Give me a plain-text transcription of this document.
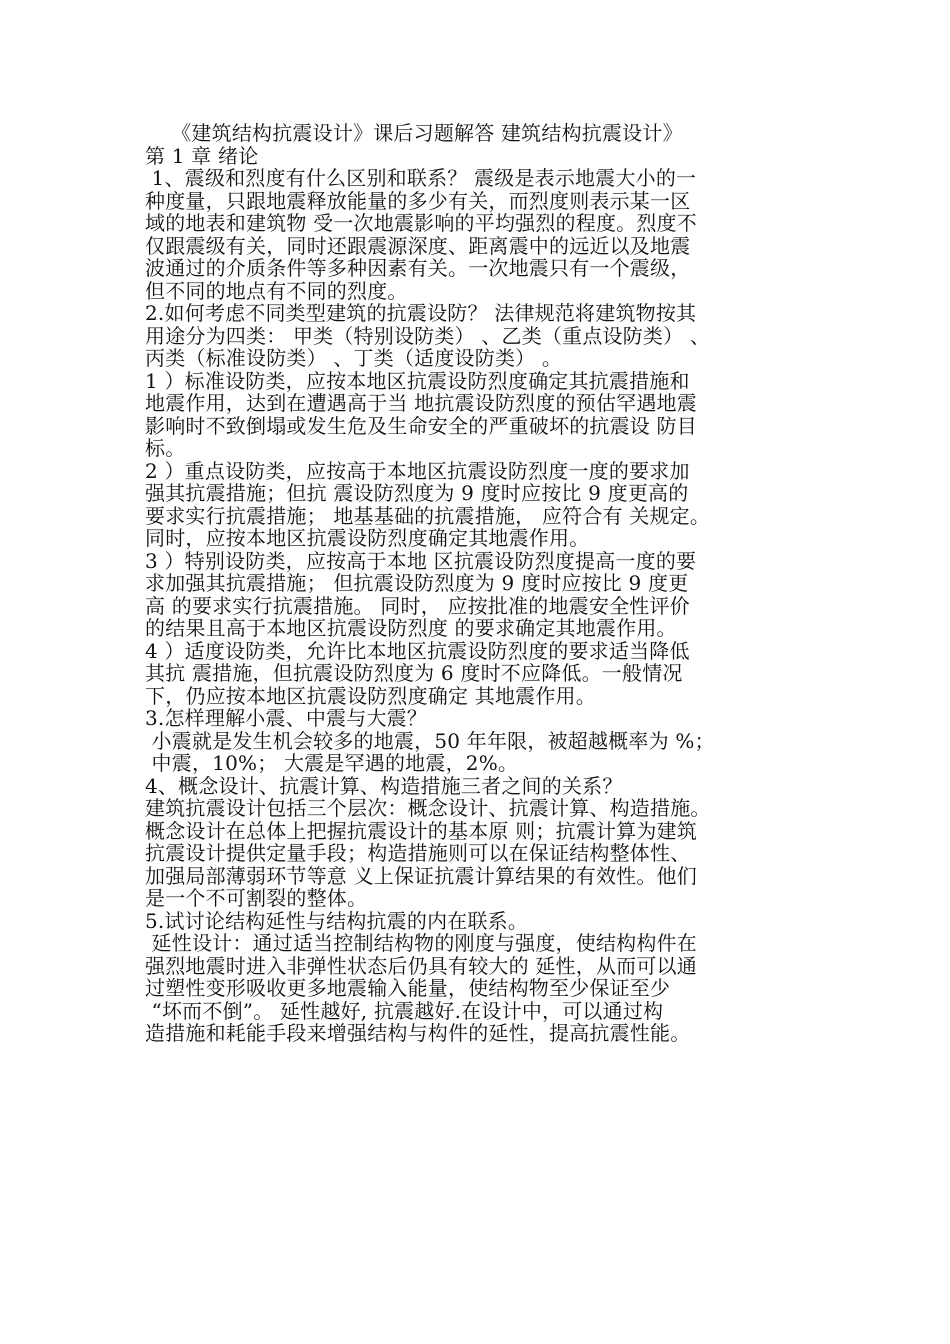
《建筑结构抗震设计》课后习题解答 建筑结构抗震设计》
第 1 章 绪论
1、震级和烈度有什么区别和联系？ 震级是表示地震大小的一
种度量，只跟地震释放能量的多少有关，而烈度则表示某一区
域的地表和建筑物 受一次地震影响的平均强烈的程度。烈度不
仅跟震级有关，同时还跟震源深度、距离震中的远近以及地震
波通过的介质条件等多种因素有关。一次地震只有一个震级，
但不同的地点有不同的烈度。
2.如何考虑不同类型建筑的抗震设防？ 法律规范将建筑物按其
用途分为四类： 甲类（特别设防类） 、乙类（重点设防类） 、
丙类（标准设防类） 、丁类（适度设防类） 。
1 ）标准设防类，应按本地区抗震设防烈度确定其抗震措施和
地震作用，达到在遭遇高于当 地抗震设防烈度的预估罕遇地震
影响时不致倒塌或发生危及生命安全的严重破坏的抗震设 防目
标。
2 ）重点设防类，应按高于本地区抗震设防烈度一度的要求加
强其抗震措施；但抗 震设防烈度为 9 度时应按比 9 度更高的
要求实行抗震措施； 地基基础的抗震措施， 应符合有 关规定。
同时，应按本地区抗震设防烈度确定其地震作用。
3 ）特别设防类，应按高于本地 区抗震设防烈度提高一度的要
求加强其抗震措施； 但抗震设防烈度为 9 度时应按比 9 度更
高 的要求实行抗震措施。 同时， 应按批准的地震安全性评价
的结果且高于本地区抗震设防烈度 的要求确定其地震作用。
4 ）适度设防类，允许比本地区抗震设防烈度的要求适当降低
其抗 震措施，但抗震设防烈度为 6 度时不应降低。一般情况
下，仍应按本地区抗震设防烈度确定 其地震作用。
3.怎样理解小震、中震与大震？
小震就是发生机会较多的地震，50 年年限，被超越概率为 %；
中震，10%； 大震是罕遇的地震，2%。
4、概念设计、抗震计算、构造措施三者之间的关系？
建筑抗震设计包括三个层次：概念设计、抗震计算、构造措施。
概念设计在总体上把握抗震设计的基本原 则；抗震计算为建筑
抗震设计提供定量手段；构造措施则可以在保证结构整体性、
加强局部薄弱环节等意 义上保证抗震计算结果的有效性。他们
是一个不可割裂的整体。
5.试讨论结构延性与结构抗震的内在联系。
延性设计：通过适当控制结构物的刚度与强度，使结构构件在
强烈地震时进入非弹性状态后仍具有较大的 延性，从而可以通
过塑性变形吸收更多地震输入能量，使结构物至少保证至少
“坏而不倒”。 延性越好, 抗震越好.在设计中，可以通过构
造措施和耗能手段来增强结构与构件的延性，提高抗震性能。
